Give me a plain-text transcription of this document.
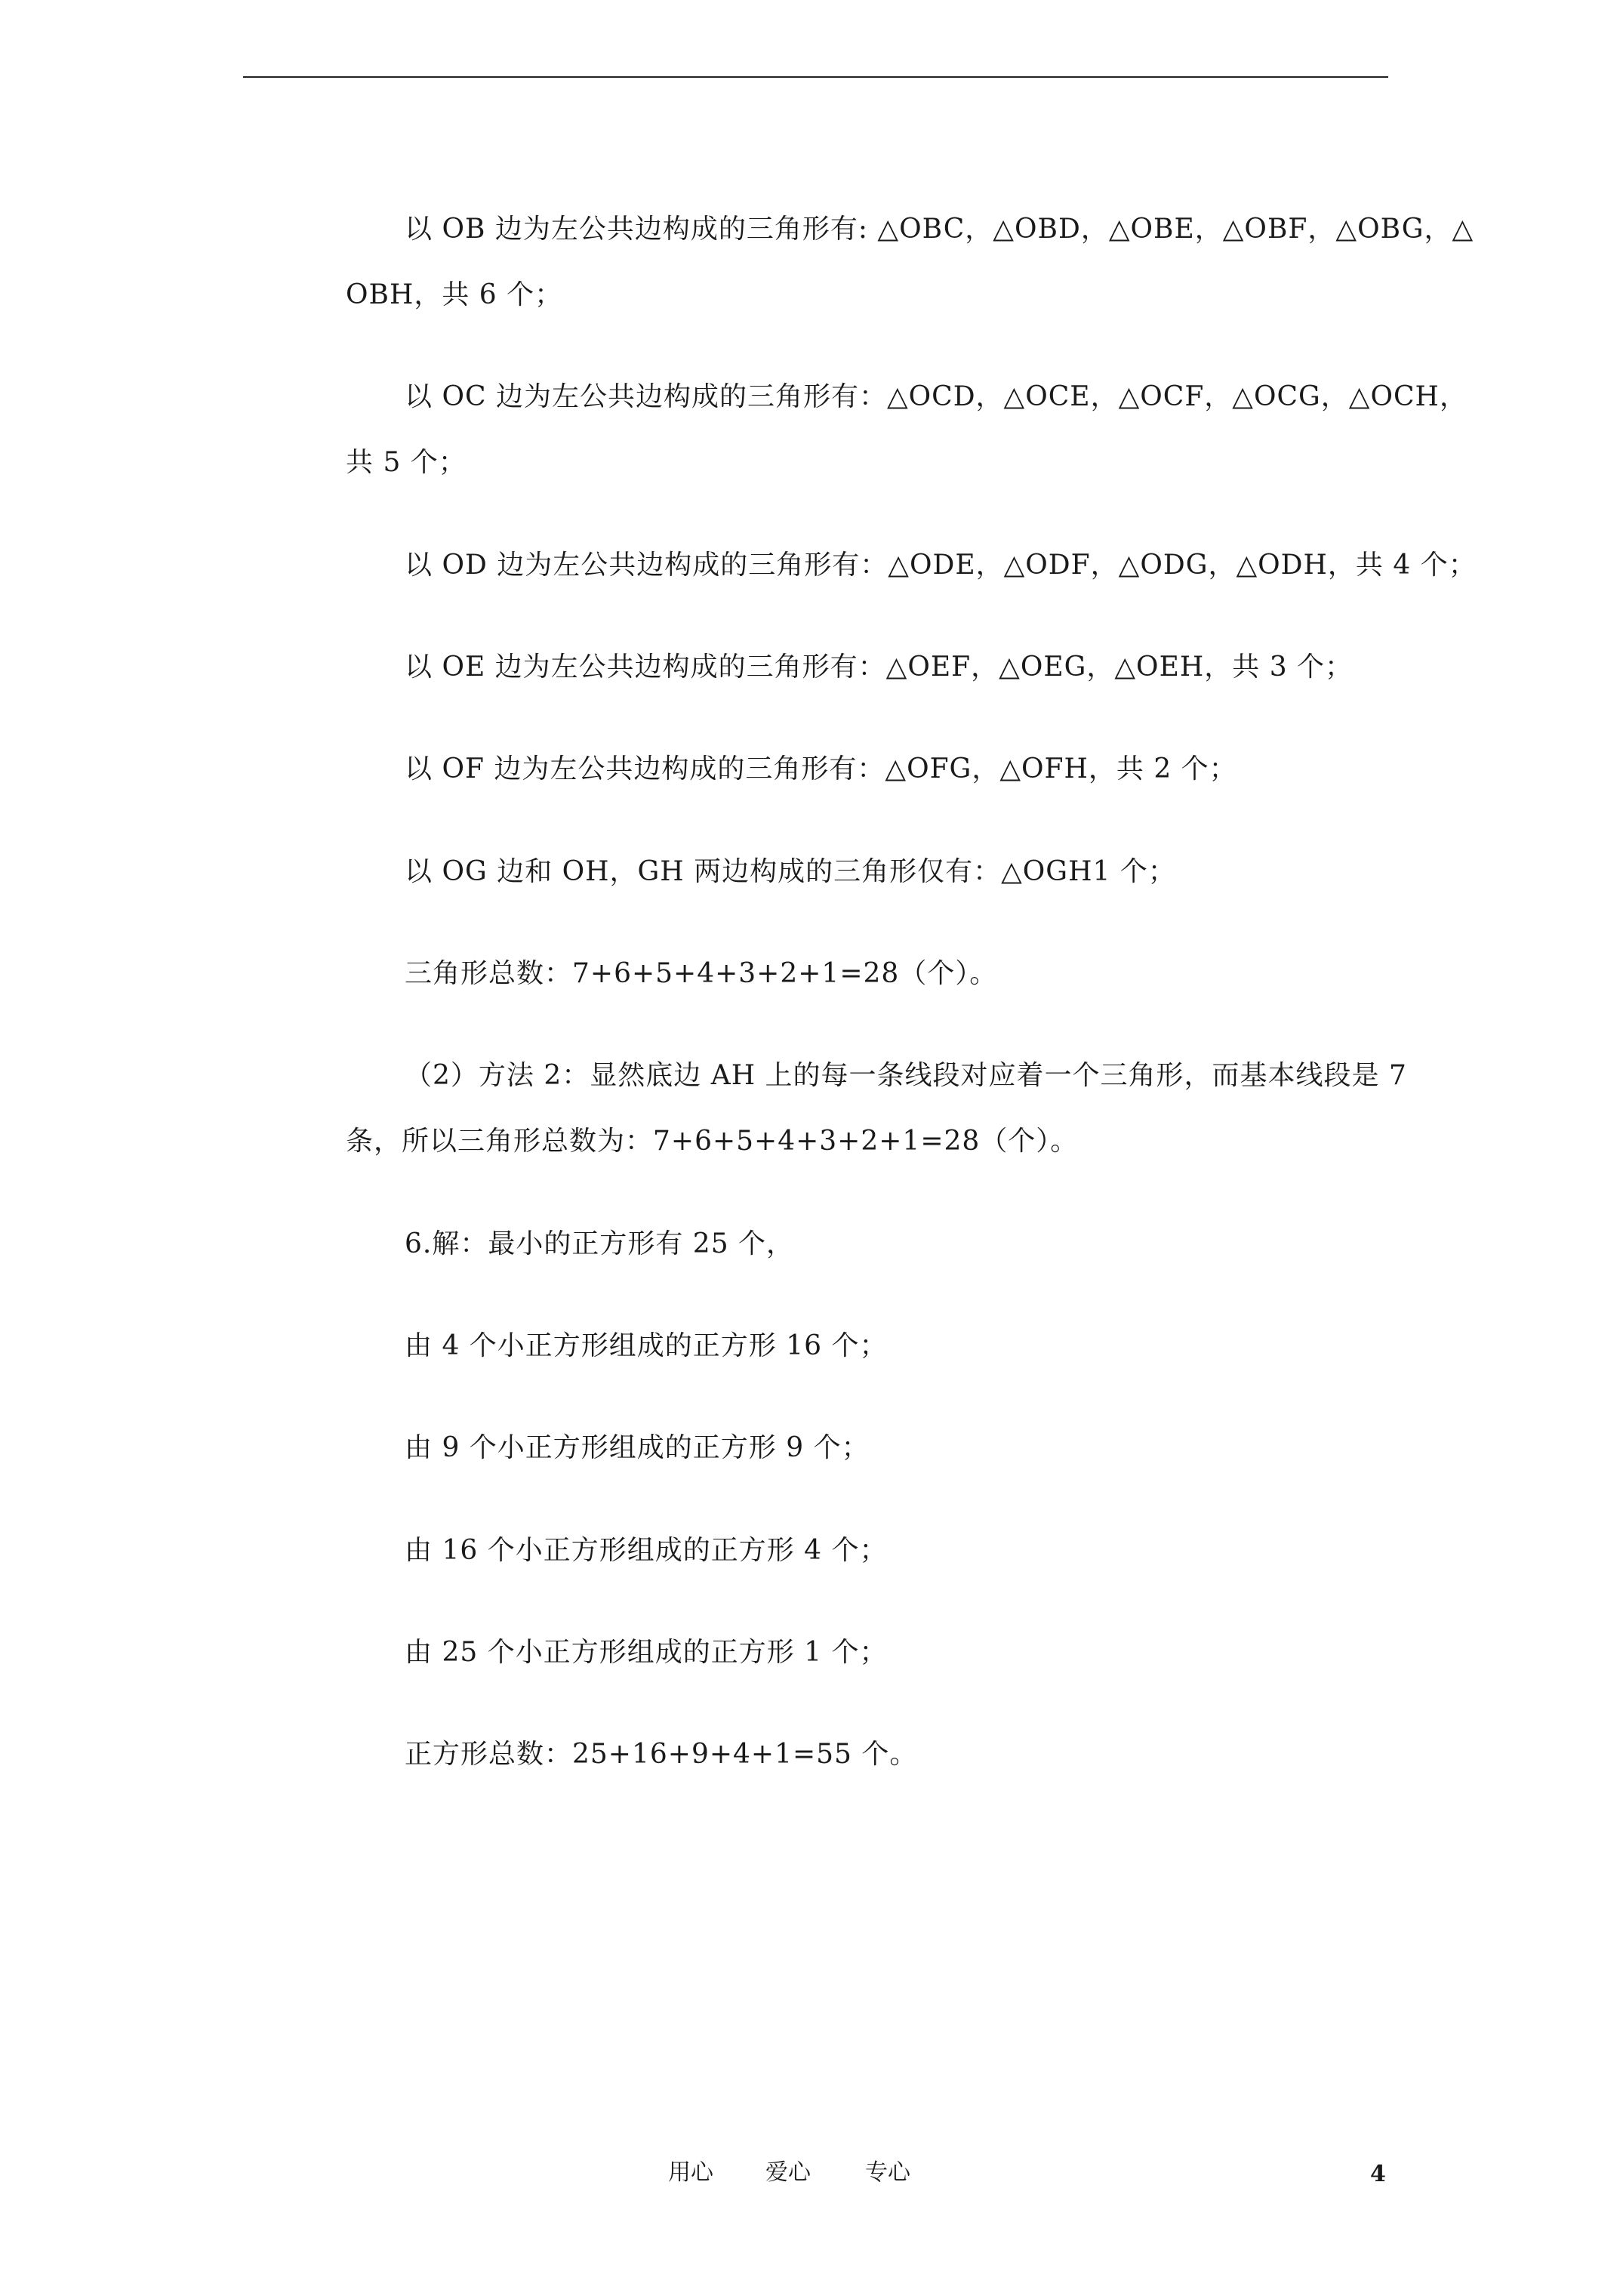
以 OB 边为左公共边构成的三角形有: △OBC，△OBD，△OBE，△OBF，△OBG，△
OBH，共 6 个；
以 OC 边为左公共边构成的三角形有：△OCD，△OCE，△OCF，△OCG，△OCH，
共 5 个；
以 OD 边为左公共边构成的三角形有：△ODE，△ODF，△ODG，△ODH，共 4 个；
以 OE 边为左公共边构成的三角形有：△OEF，△OEG，△OEH，共 3 个；
以 OF 边为左公共边构成的三角形有：△OFG，△OFH，共 2 个；
以 OG 边和 OH，GH 两边构成的三角形仅有：△OGH1 个；
三角形总数：7+6+5+4+3+2+1=28（个）。
（2）方法 2：显然底边 AH 上的每一条线段对应着一个三角形，而基本线段是 7
条，所以三角形总数为：7+6+5+4+3+2+1=28（个）。
6.解：最小的正方形有 25 个，
由 4 个小正方形组成的正方形 16 个；
由 9 个小正方形组成的正方形 9 个；
由 16 个小正方形组成的正方形 4 个；
由 25 个小正方形组成的正方形 1 个；
正方形总数：25+16+9+4+1=55 个。
用心 爱心 专心	4
